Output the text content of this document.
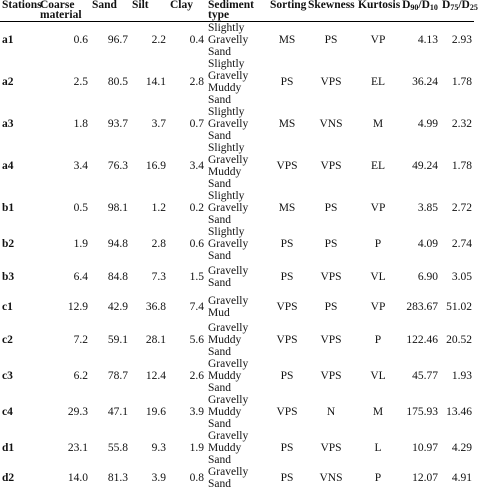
Stations	Coarse material	Sand	Silt	Clay	Sediment type	Sorting	Skewness	Kurtosis	$D_{90}/D_{10}$	$D_{75}/D_{25}$
a1	0.6	96.7	2.2	0.4	Slightly Gravelly Sand	MS	PS	VP	4.13	2.93
a2	2.5	80.5	14.1	2.8	Slightly Gravelly Muddy Sand	PS	VPS	EL	36.24	1.78
a3	1.8	93.7	3.7	0.7	Slightly Gravelly Sand	MS	VNS	M	4.99	2.32
a4	3.4	76.3	16.9	3.4	Slightly Gravelly Muddy Sand	VPS	VPS	EL	49.24	1.78
b1	0.5	98.1	1.2	0.2	Slightly Gravelly Sand	MS	PS	VP	3.85	2.72
b2	1.9	94.8	2.8	0.6	Slightly Gravelly Sand	PS	PS	P	4.09	2.74
b3	6.4	84.8	7.3	1.5	Gravelly Sand	PS	VPS	VL	6.90	3.05
c1	12.9	42.9	36.8	7.4	Gravelly Mud	VPS	PS	VP	283.67	51.02
c2	7.2	59.1	28.1	5.6	Gravelly Muddy Sand	VPS	VPS	P	122.46	20.52
c3	6.2	78.7	12.4	2.6	Gravelly Muddy Sand	PS	VPS	VL	45.77	1.93
c4	29.3	47.1	19.6	3.9	Gravelly Muddy Sand	VPS	N	M	175.93	13.46
d1	23.1	55.8	9.3	1.9	Gravelly Muddy Sand	PS	VPS	L	10.97	4.29
d2	14.0	81.3	3.9	0.8	Gravelly Sand	PS	VNS	P	12.07	4.91
